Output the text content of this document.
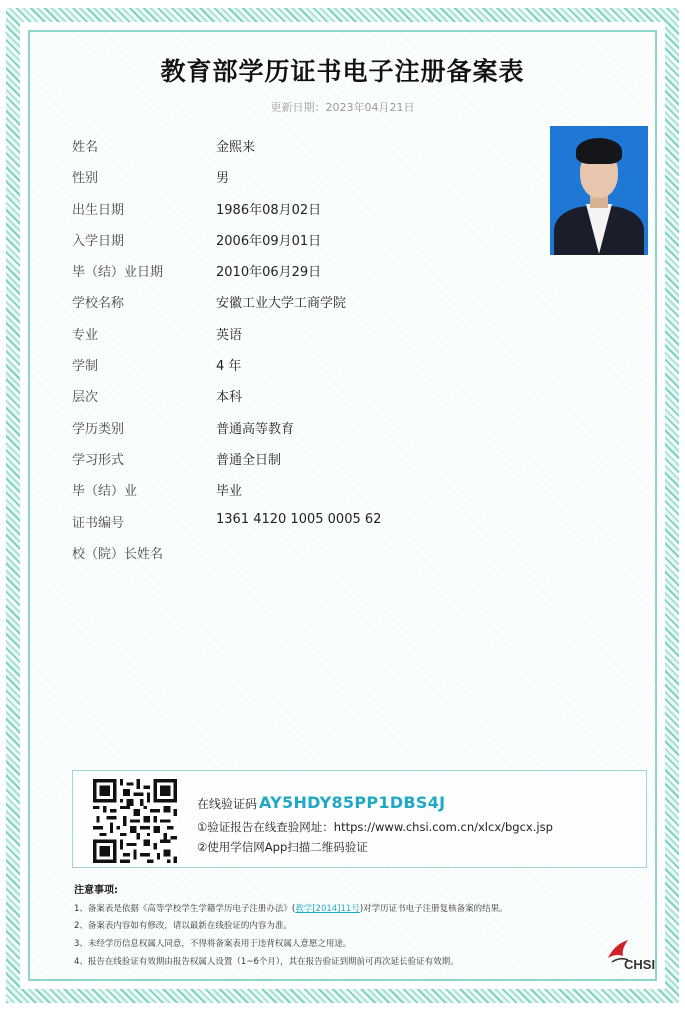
教育部学历证书电子注册备案表
更新日期：2023年04月21日
姓名	金熙来
性别	男
出生日期	1986年08月02日
入学日期	2006年09月01日
毕（结）业日期	2010年06月29日
学校名称	安徽工业大学工商学院
专业	英语
学制	4 年
层次	本科
学历类别	普通高等教育
学习形式	普通全日制
毕（结）业	毕业
证书编号	1361 4120 1005 0005 62
校（院）长姓名
在线验证码 AY5HDY85PP1DBS4J
①验证报告在线查验网址：https://www.chsi.com.cn/xlcx/bgcx.jsp
②使用学信网App扫描二维码验证
注意事项:
1、备案表是依据《高等学校学生学籍学历电子注册办法》(教学[2014]11号)对学历证书电子注册复核备案的结果。
2、备案表内容如有修改，请以最新在线验证的内容为准。
3、未经学历信息权属人同意，不得将备案表用于违背权属人意愿之用途。
4、报告在线验证有效期由报告权属人设置（1~6个月），其在报告验证到期前可再次延长验证有效期。	CHSI
